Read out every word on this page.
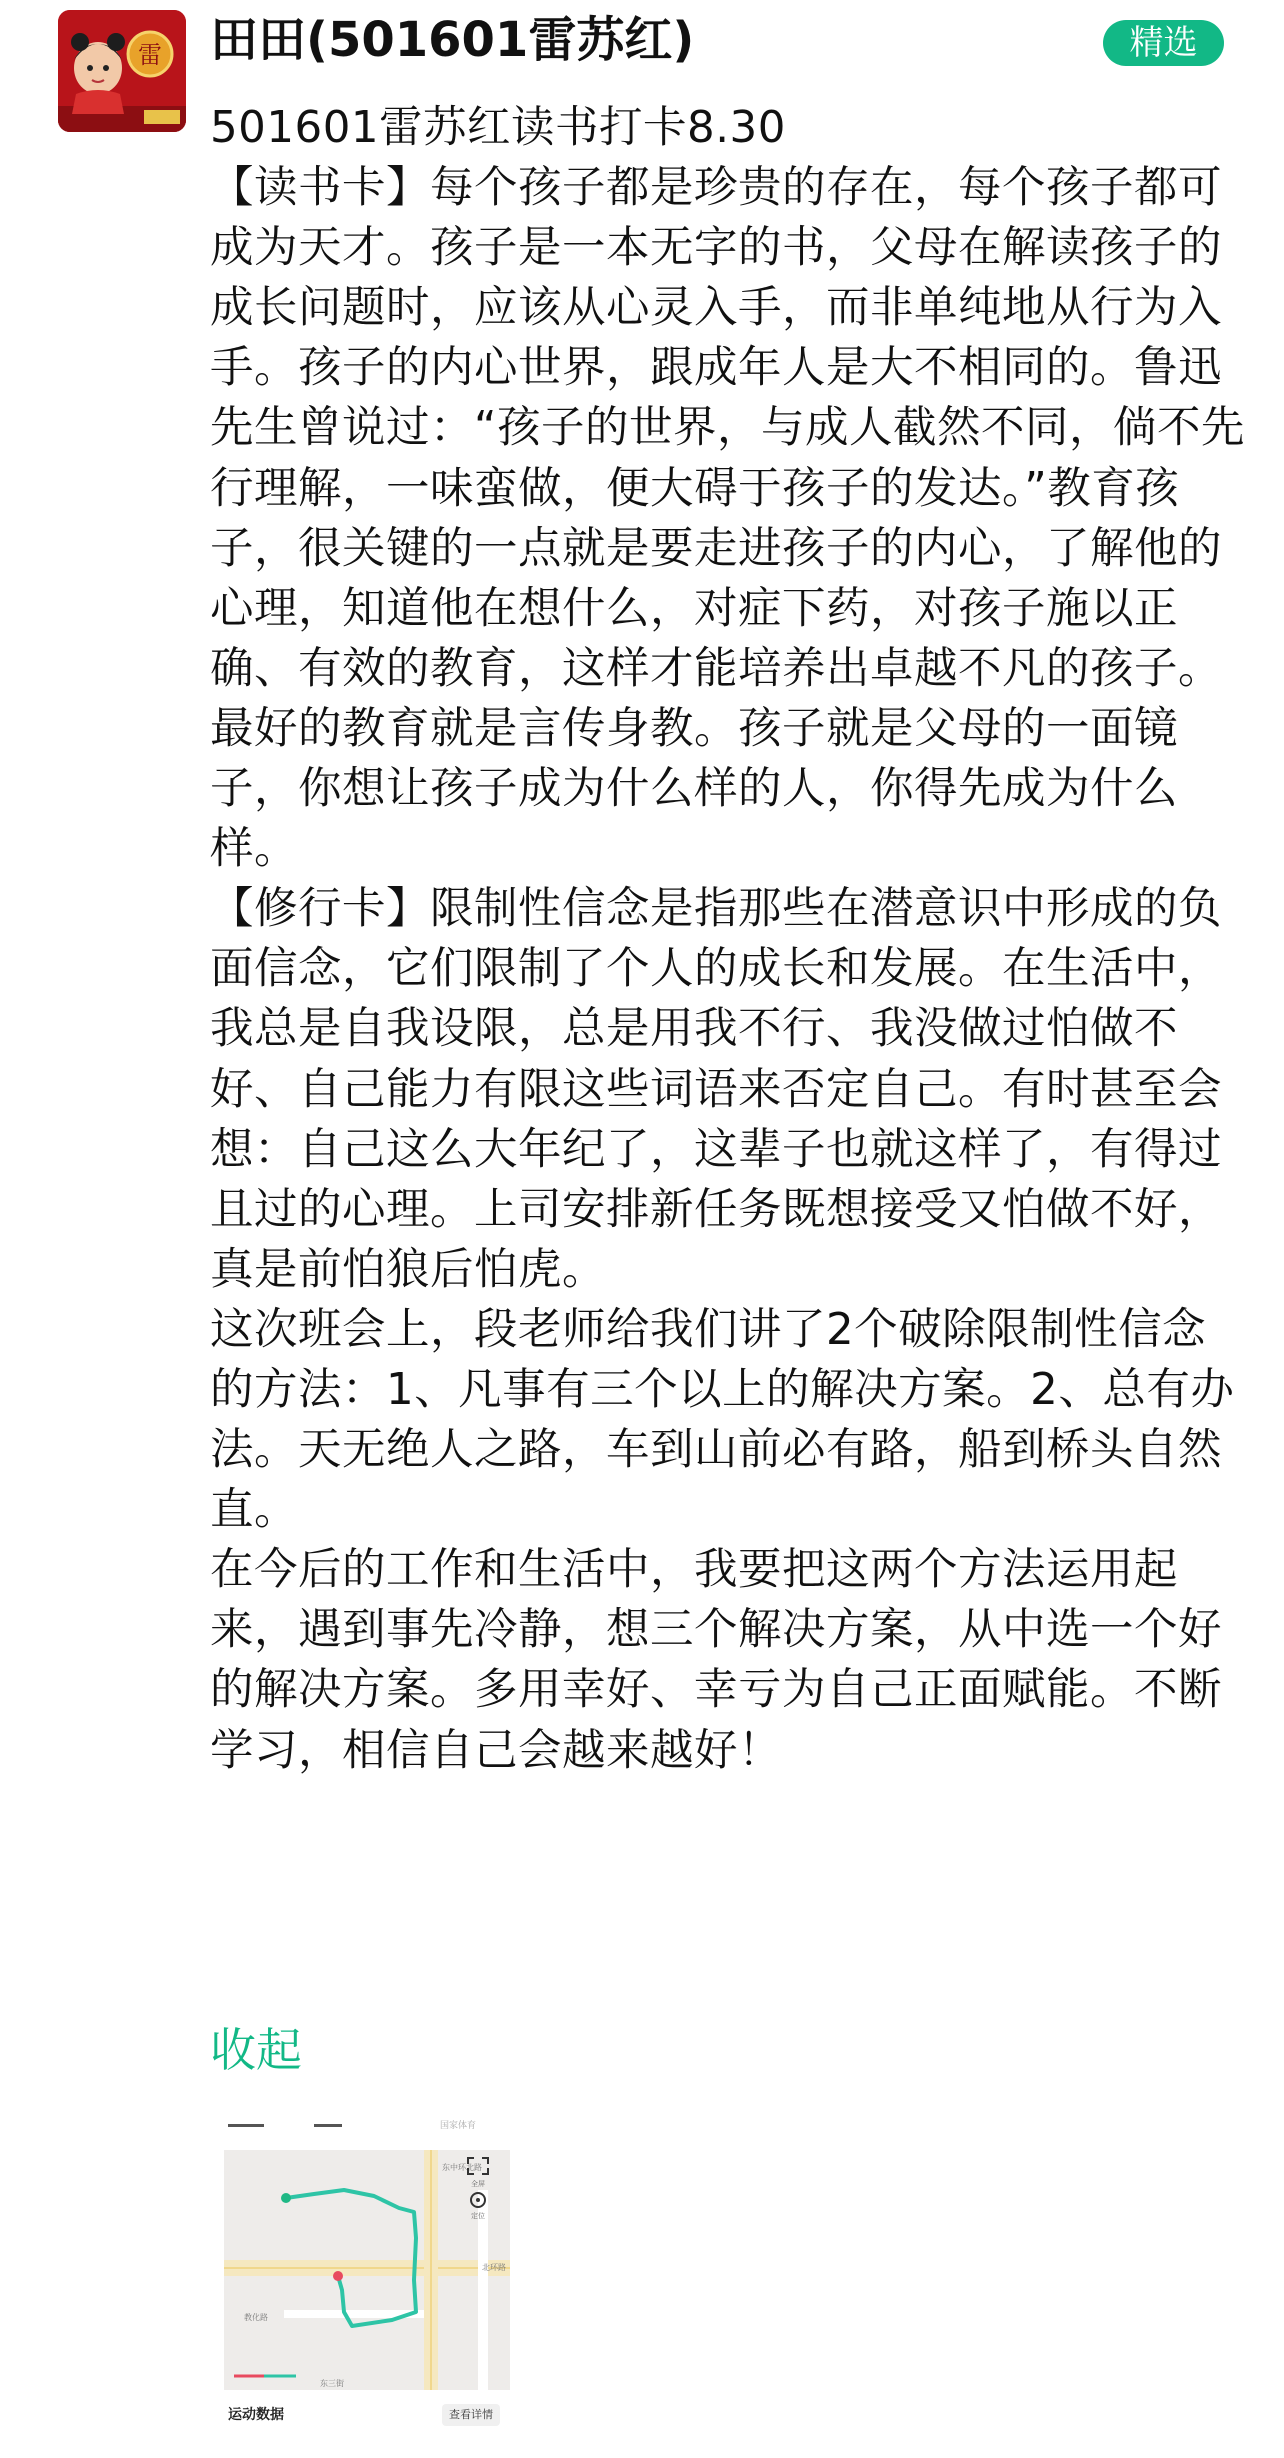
雷 田田(501601雷苏红)	精选

501601雷苏红读书打卡8.30

【读书卡】每个孩子都是珍贵的存在，每个孩子都可成为天才。孩子是一本无字的书，父母在解读孩子的成长问题时，应该从心灵入手，而非单纯地从行为入手。孩子的内心世界，跟成年人是大不相同的。鲁迅先生曾说过：“孩子的世界，与成人截然不同，倘不先行理解，一味蛮做，便大碍于孩子的发达。”教育孩子，很关键的一点就是要走进孩子的内心，了解他的心理，知道他在想什么，对症下药，对孩子施以正确、有效的教育，这样才能培养出卓越不凡的孩子。

最好的教育就是言传身教。孩子就是父母的一面镜子，你想让孩子成为什么样的人，你得先成为什么样。

【修行卡】限制性信念是指那些在潜意识中形成的负面信念，它们限制了个人的成长和发展。在生活中，我总是自我设限，总是用我不行、我没做过怕做不好、自己能力有限这些词语来否定自己。有时甚至会想：自己这么大年纪了，这辈子也就这样了，有得过且过的心理。上司安排新任务既想接受又怕做不好，真是前怕狼后怕虎。

这次班会上，段老师给我们讲了2个破除限制性信念的方法：1、凡事有三个以上的解决方案。2、总有办法。天无绝人之路，车到山前必有路，船到桥头自然直。

在今后的工作和生活中，我要把这两个方法运用起来，遇到事先冷静，想三个解决方案，从中选一个好的解决方案。多用幸好、幸亏为自己正面赋能。不断学习，相信自己会越来越好！

收起
国家体育
东中环北路
北环路
教化路
东三街
全屏
定位
运动数据	查看详情
